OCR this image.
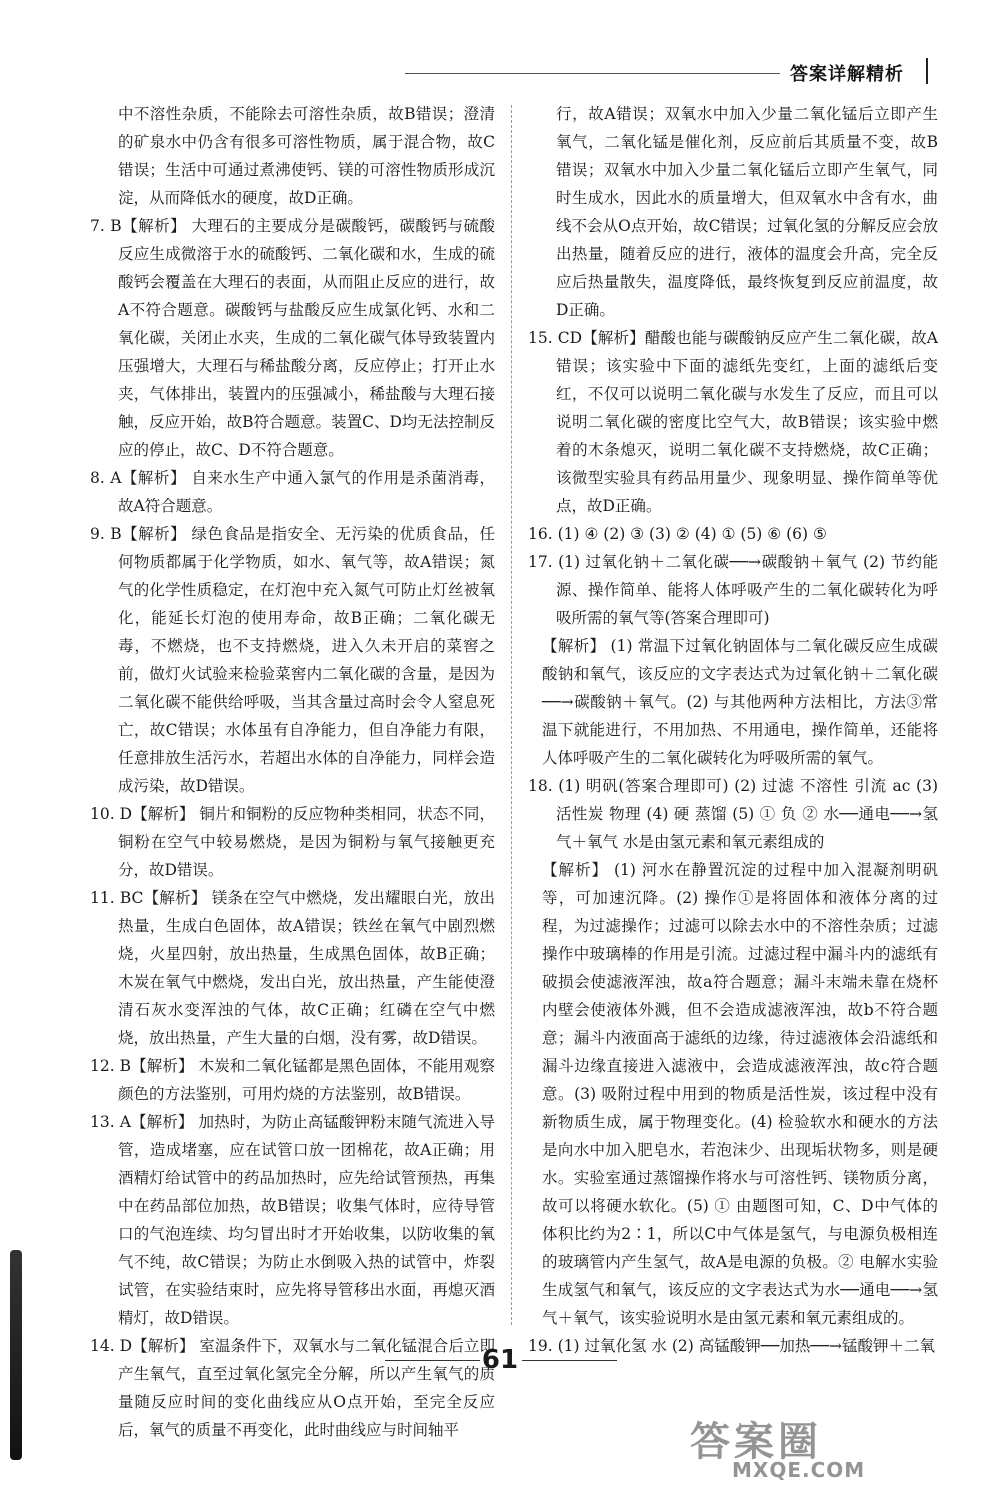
答案详解精析

中不溶性杂质，不能除去可溶性杂质，故B错误；澄清的矿泉水中仍含有很多可溶性物质，属于混合物，故C错误；生活中可通过煮沸使钙、镁的可溶性物质形成沉淀，从而降低水的硬度，故D正确。

7. B【解析】 大理石的主要成分是碳酸钙，碳酸钙与硫酸反应生成微溶于水的硫酸钙、二氧化碳和水，生成的硫酸钙会覆盖在大理石的表面，从而阻止反应的进行，故A不符合题意。碳酸钙与盐酸反应生成氯化钙、水和二氧化碳，关闭止水夹，生成的二氧化碳气体导致装置内压强增大，大理石与稀盐酸分离，反应停止；打开止水夹，气体排出，装置内的压强减小，稀盐酸与大理石接触，反应开始，故B符合题意。装置C、D均无法控制反应的停止，故C、D不符合题意。

8. A【解析】 自来水生产中通入氯气的作用是杀菌消毒，故A符合题意。

9. B【解析】 绿色食品是指安全、无污染的优质食品，任何物质都属于化学物质，如水、氧气等，故A错误；氮气的化学性质稳定，在灯泡中充入氮气可防止灯丝被氧化，能延长灯泡的使用寿命，故B正确；二氧化碳无毒，不燃烧，也不支持燃烧，进入久未开启的菜窖之前，做灯火试验来检验菜窖内二氧化碳的含量，是因为二氧化碳不能供给呼吸，当其含量过高时会令人窒息死亡，故C错误；水体虽有自净能力，但自净能力有限，任意排放生活污水，若超出水体的自净能力，同样会造成污染，故D错误。

10. D【解析】 铜片和铜粉的反应物种类相同，状态不同，铜粉在空气中较易燃烧，是因为铜粉与氧气接触更充分，故D错误。

11. BC【解析】 镁条在空气中燃烧，发出耀眼白光，放出热量，生成白色固体，故A错误；铁丝在氧气中剧烈燃烧，火星四射，放出热量，生成黑色固体，故B正确；木炭在氧气中燃烧，发出白光，放出热量，产生能使澄清石灰水变浑浊的气体，故C正确；红磷在空气中燃烧，放出热量，产生大量的白烟，没有雾，故D错误。

12. B【解析】 木炭和二氧化锰都是黑色固体，不能用观察颜色的方法鉴别，可用灼烧的方法鉴别，故B错误。

13. A【解析】 加热时，为防止高锰酸钾粉末随气流进入导管，造成堵塞，应在试管口放一团棉花，故A正确；用酒精灯给试管中的药品加热时，应先给试管预热，再集中在药品部位加热，故B错误；收集气体时，应待导管口的气泡连续、均匀冒出时才开始收集，以防收集的氧气不纯，故C错误；为防止水倒吸入热的试管中，炸裂试管，在实验结束时，应先将导管移出水面，再熄灭酒精灯，故D错误。

14. D【解析】 室温条件下，双氧水与二氧化锰混合后立即产生氧气，直至过氧化氢完全分解，所以产生氧气的质量随反应时间的变化曲线应从O点开始，至完全反应后，氧气的质量不再变化，此时曲线应与时间轴平

行，故A错误；双氧水中加入少量二氧化锰后立即产生氧气，二氧化锰是催化剂，反应前后其质量不变，故B错误；双氧水中加入少量二氧化锰后立即产生氧气，同时生成水，因此水的质量增大，但双氧水中含有水，曲线不会从O点开始，故C错误；过氧化氢的分解反应会放出热量，随着反应的进行，液体的温度会升高，完全反应后热量散失，温度降低，最终恢复到反应前温度，故D正确。

15. CD【解析】醋酸也能与碳酸钠反应产生二氧化碳，故A错误；该实验中下面的滤纸先变红，上面的滤纸后变红，不仅可以说明二氧化碳与水发生了反应，而且可以说明二氧化碳的密度比空气大，故B错误；该实验中燃着的木条熄灭，说明二氧化碳不支持燃烧，故C正确；该微型实验具有药品用量少、现象明显、操作简单等优点，故D正确。

16. (1) ④ (2) ③ (3) ② (4) ① (5) ⑥ (6) ⑤

17. (1) 过氧化钠＋二氧化碳──→碳酸钠＋氧气 (2) 节约能源、操作简单、能将人体呼吸产生的二氧化碳转化为呼吸所需的氧气等(答案合理即可)

【解析】 (1) 常温下过氧化钠固体与二氧化碳反应生成碳酸钠和氧气，该反应的文字表达式为过氧化钠＋二氧化碳──→碳酸钠＋氧气。(2) 与其他两种方法相比，方法③常温下就能进行，不用加热、不用通电，操作简单，还能将人体呼吸产生的二氧化碳转化为呼吸所需的氧气。

18. (1) 明矾(答案合理即可) (2) 过滤 不溶性 引流 ac (3) 活性炭 物理 (4) 硬 蒸馏 (5) ① 负 ② 水──通电──→氢气＋氧气 水是由氢元素和氧元素组成的

【解析】 (1) 河水在静置沉淀的过程中加入混凝剂明矾等，可加速沉降。(2) 操作①是将固体和液体分离的过程，为过滤操作；过滤可以除去水中的不溶性杂质；过滤操作中玻璃棒的作用是引流。过滤过程中漏斗内的滤纸有破损会使滤液浑浊，故a符合题意；漏斗末端未靠在烧杯内壁会使液体外溅，但不会造成滤液浑浊，故b不符合题意；漏斗内液面高于滤纸的边缘，待过滤液体会沿滤纸和漏斗边缘直接进入滤液中，会造成滤液浑浊，故c符合题意。(3) 吸附过程中用到的物质是活性炭，该过程中没有新物质生成，属于物理变化。(4) 检验软水和硬水的方法是向水中加入肥皂水，若泡沫少、出现垢状物多，则是硬水。实验室通过蒸馏操作将水与可溶性钙、镁物质分离，故可以将硬水软化。(5) ① 由题图可知，C、D中气体的体积比约为2∶1，所以C中气体是氢气，与电源负极相连的玻璃管内产生氢气，故A是电源的负极。② 电解水实验生成氢气和氧气，该反应的文字表达式为水──通电──→氢气＋氧气，该实验说明水是由氢元素和氧元素组成的。

19. (1) 过氧化氢 水 (2) 高锰酸钾──加热──→锰酸钾＋二氧

61
答案圈
MXQE.COM
